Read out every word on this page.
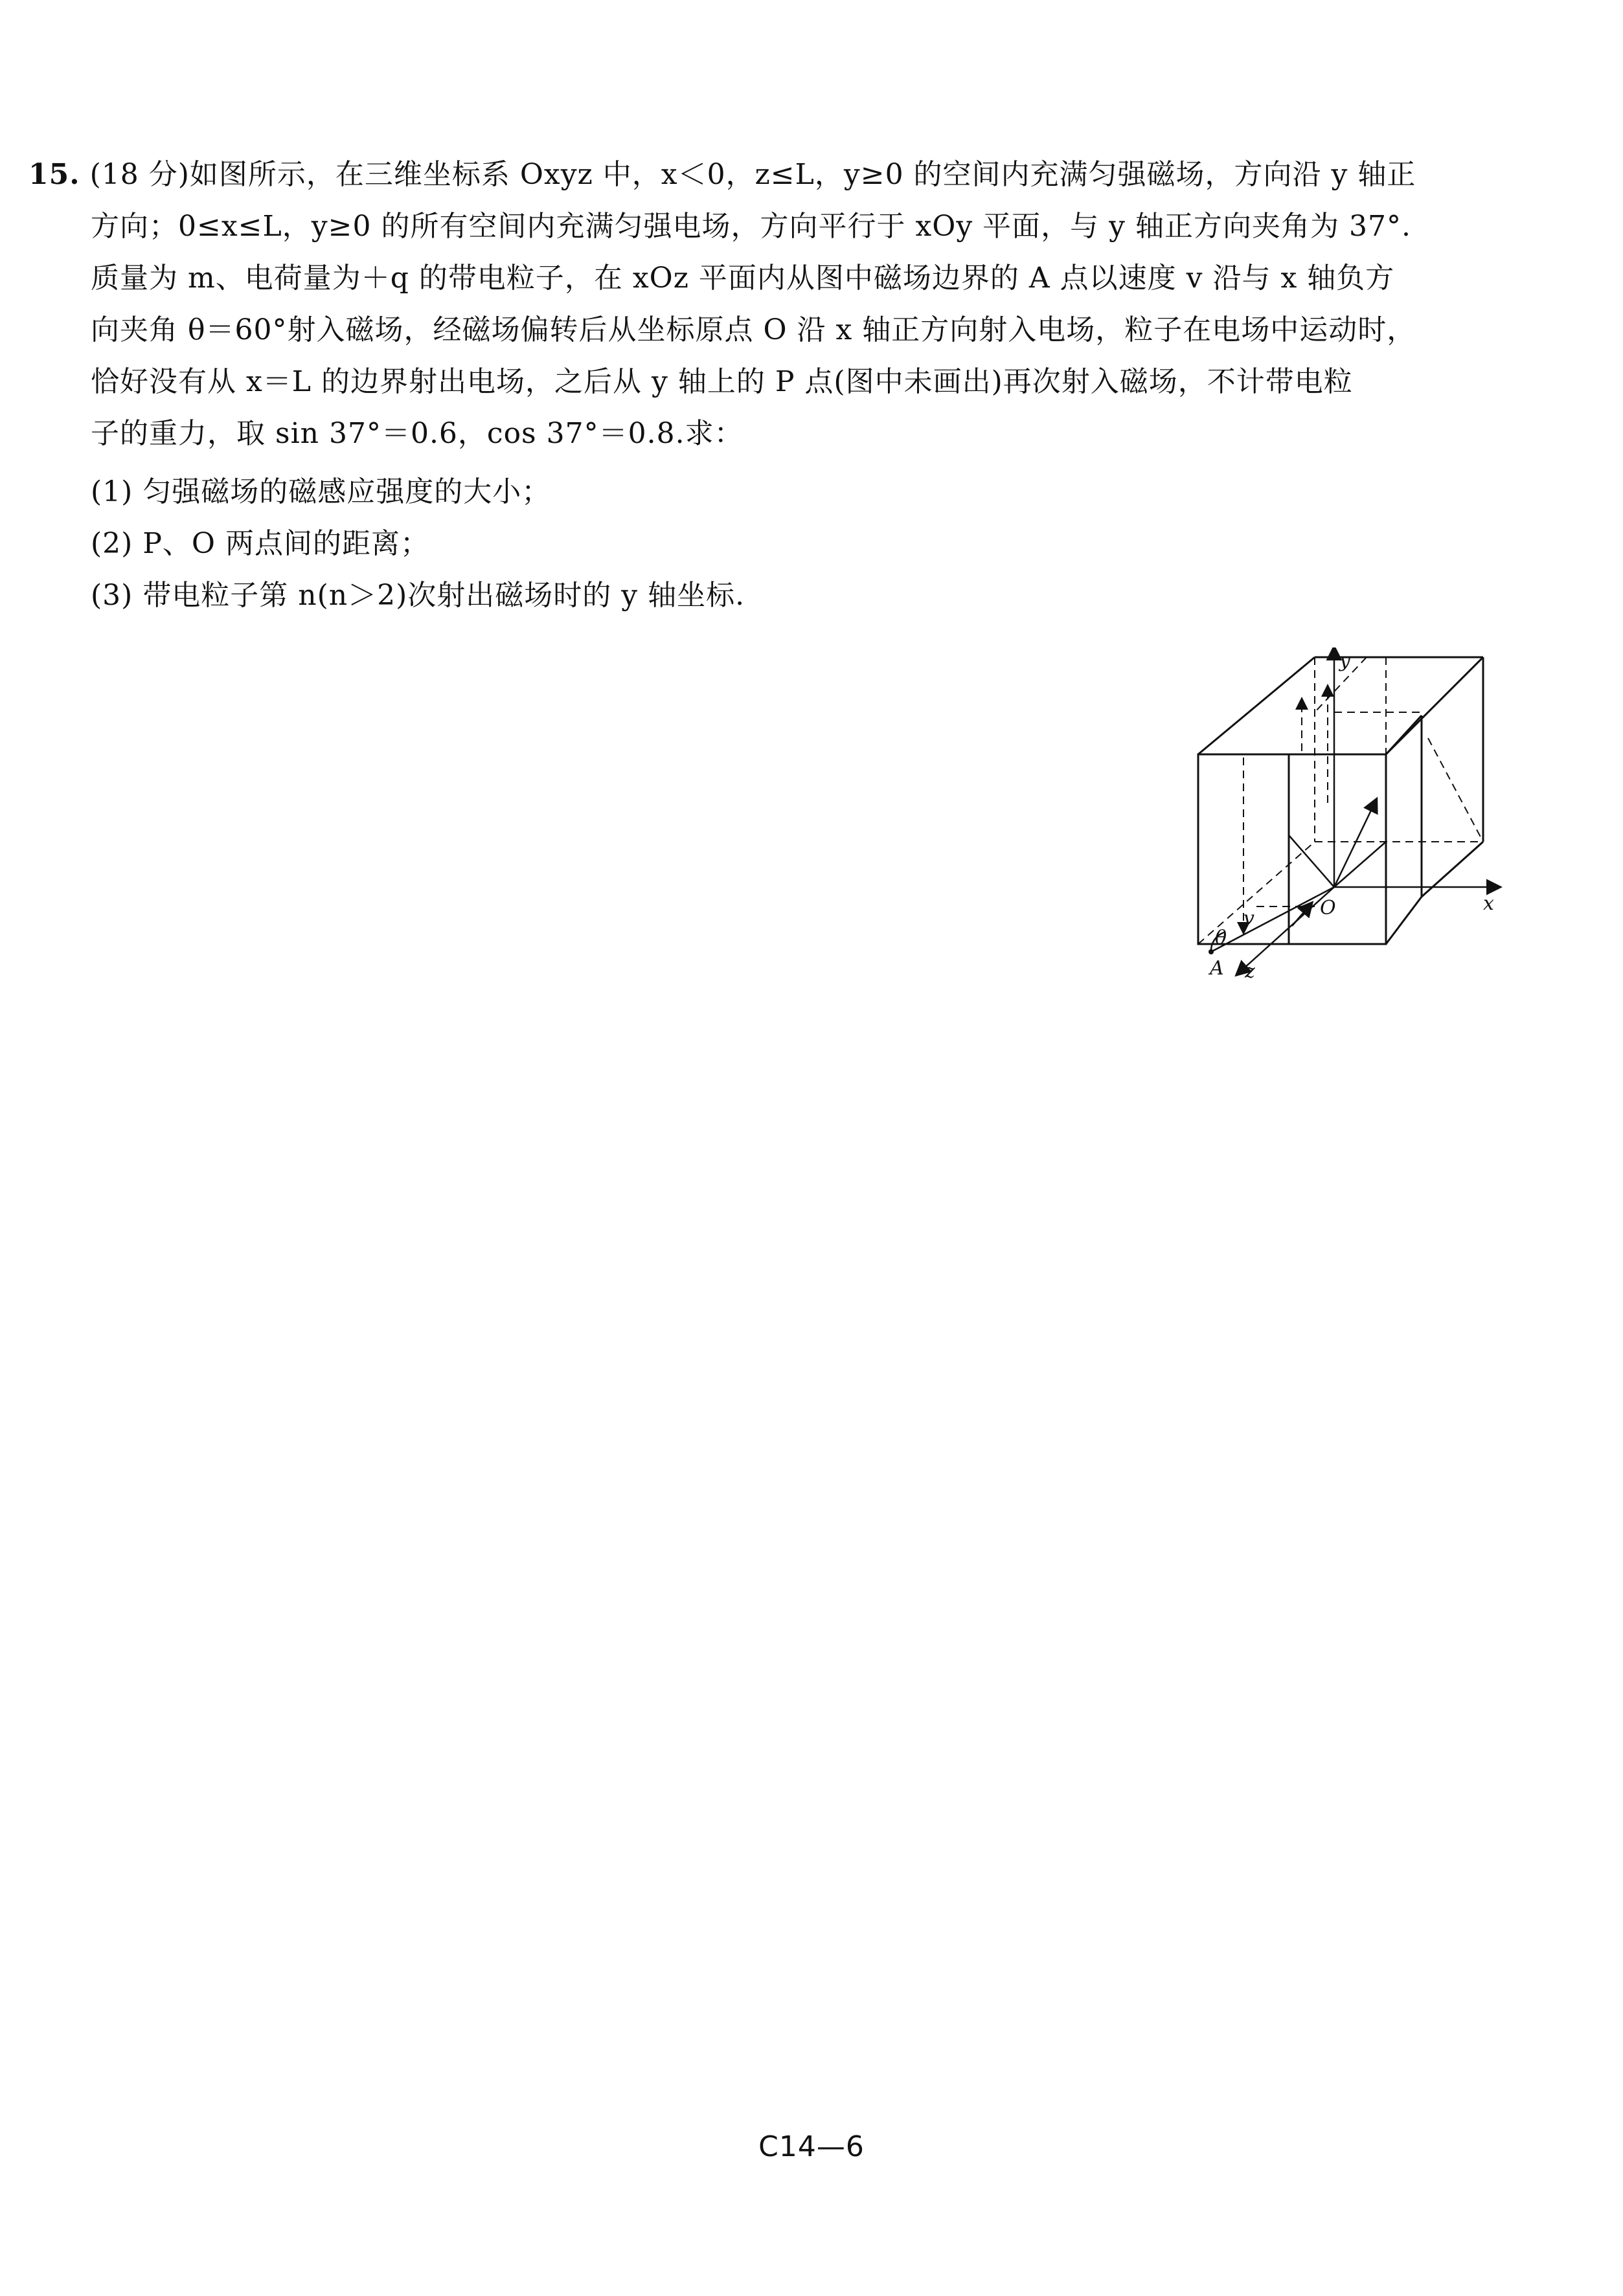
15. (18 分)如图所示，在三维坐标系 Oxyz 中，x＜0，z≤L，y≥0 的空间内充满匀强磁场，方向沿 y 轴正
方向；0≤x≤L，y≥0 的所有空间内充满匀强电场，方向平行于 xOy 平面，与 y 轴正方向夹角为 37°.
质量为 m、电荷量为＋q 的带电粒子，在 xOz 平面内从图中磁场边界的 A 点以速度 v 沿与 x 轴负方
向夹角 θ＝60°射入磁场，经磁场偏转后从坐标原点 O 沿 x 轴正方向射入电场，粒子在电场中运动时，
恰好没有从 x＝L 的边界射出电场，之后从 y 轴上的 P 点(图中未画出)再次射入磁场，不计带电粒
子的重力，取 sin 37°＝0.6，cos 37°＝0.8.求：
(1) 匀强磁场的磁感应强度的大小；
(2) P、O 两点间的距离；
(3) 带电粒子第 n(n＞2)次射出磁场时的 y 轴坐标.
y
x
z
O
A
θ
v
C14—6
